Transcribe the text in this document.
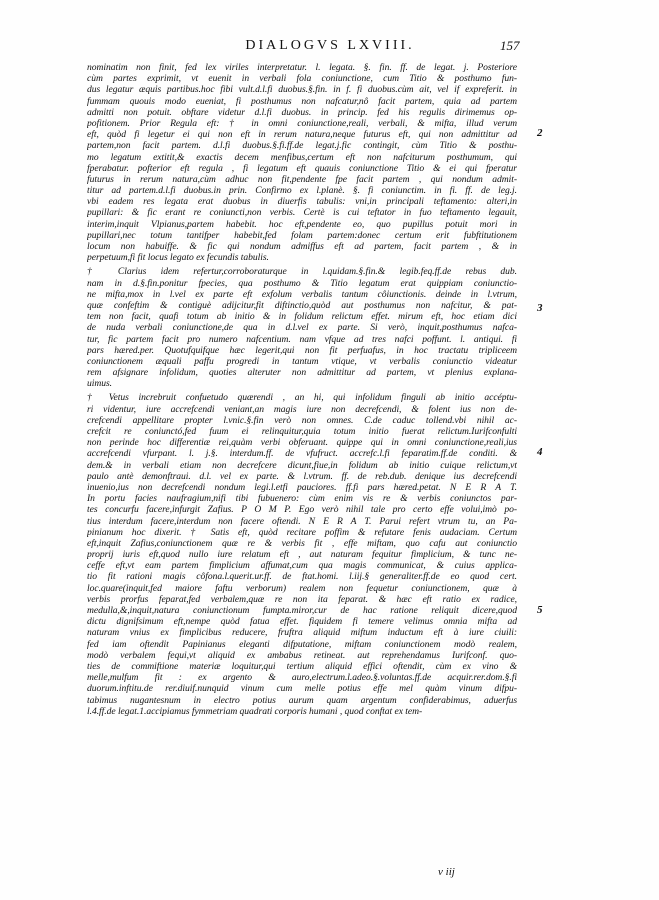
DIALOGVS LXVIII.	157
nominatim non finit, fed lex viriles interpretatur. l. legata. §. fin. ff. de legat. j. Posteriore
cùm partes exprimit, vt euenit in verbali fola coniunctione, cum Titio & posthumo fun-
dus legatur æquis partibus.hoc fibi vult.d.l.fi duobus.§.fin. in f. fi duobus.cùm ait, vel if expreferit. in
fummam quouis modo eueniat, fi posthumus non nafcatur,nô facit partem, quia ad partem
admitti non potuit. obftare videtur d.l.fi duobus. in princip. fed his regulis dirimemus op-
pofitionem. Prior Regula eft: † in omni coniunctione,reali, verbali, & mifta, illud verum
eft, quòd fi legetur ei qui non eft in rerum natura,neque futurus eft, qui non admittitur ad
partem,non facit partem. d.l.fi duobus.§.fi.ff.de legat.j.fic contingit, cùm Titio & posthu-
mo legatum extitit,& exactis decem menfibus,certum eft non nafciturum posthumum, qui
fperabatur. pofterior eft regula , fi legatum eft quauis coniunctione Titio & ei qui fperatur
futurus in rerum natura,cùm adhuc non fit,pendente fpe facit partem , qui nondum admit-
titur ad partem.d.l.fi duobus.in prin. Confirmo ex l.planè. §. fi coniunctim. in fi. ff. de leg.j.
vbi eadem res legata erat duobus in diuerfis tabulis: vni,in principali teftamento: alteri,in
pupillari: & fic erant re coniuncti,non verbis. Certè is cui teftator in fuo teftamento legauit,
interim,inquit Vlpianus,partem habebit. hoc eft,pendente eo, quo pupillus potuit mori in
pupillari,nec totum tantifper habebit,fed folam partem:donec certum erit fubftitutionem
locum non habuiffe. & fic qui nondum admiffus eft ad partem, facit partem , & in
perpetuum,fi fit locus legato ex fecundis tabulis.
† Clarius idem refertur,corroboraturque in l.quidam.§.fin.& legib.feq.ff.de rebus dub.
nam in d.§.fin.ponitur fpecies, qua posthumo & Titio legatum erat quippiam coniunctio-
ne mifta,mox in l.vel ex parte eft exfolum verbalis tantum côiunctionis. deinde in l.vtrum,
quæ confeftim & contiguè adijcitur,fit diftinctio,quòd aut posthumus non nafcitur, & pat-
tem non facit, quafi totum ab initio & in folidum relictum effet. mirum eft, hoc etiam dici
de nuda verbali coniunctione,de qua in d.l.vel ex parte. Si verò, inquit,posthumus nafca-
tur, fic partem facit pro numero nafcentium. nam vfque ad tres nafci poffunt. l. antiqui. fi
pars hæred.per. Quotufquifque hæc legerit,qui non fit perfuafus, in hoc tractatu tripliceem
coniunctionem æquali paffu progredi in tantum vtique, vt verbalis coniunctio videatur
rem afsignare infolidum, quoties alteruter non admittitur ad partem, vt plenius explana-
uimus.
† Vetus increbruit confuetudo quærendi , an hi, qui infolidum finguli ab initio accéptu-
ri videntur, iure accrefcendi veniant,an magis iure non decrefcendi, & folent ius non de-
crefcendi appellitare propter l.vnic.§.fin verò non omnes. C.de caduc tollend.vbi nihil ac-
crefcit re coniunctó,fed fuum ei relinquitur,quia totum initio fuerat relictum.Iurifconfulti
non perinde hoc differentiæ rei,quàm verbi obferuant. quippe qui in omni coniunctione,reali,ius
accrefcendi vfurpant. l. j.§. interdum.ff. de vfufruct. accrefc.l.fi feparatim.ff.de conditi. &
dem.& in verbali etiam non decrefcere dicunt,fiue,in folidum ab initio cuique relictum,vt
paulo antè demonftraui. d.l. vel ex parte. & l.vtrum. ff. de reb.dub. denique ius decrefcendi
inuenio,ius non decrefcendi nondum legi.l.etfi pauciores. ff.fi pars hæred.petat. N E R A T.
In portu facies naufragium,nifi tibi fubuenero: cùm enim vis re & verbis coniunctos par-
tes concurfu facere,infurgit Zafius. P O M P. Ego verò nihil tale pro certo effe volui,imò po-
tius interdum facere,interdum non facere oftendi. N E R A T. Parui refert vtrum tu, an Pa-
pinianum hoc dixerit. † Satis eft, quòd recitare poffim & refutare fenis audaciam. Certum
eft,inquit Zafius,coniunctionem quæ re & verbis fit , effe miftam, quo cafu aut coniunctio
proprij iuris eft,quod nullo iure relatum eft , aut naturam fequitur fimplicium, & tunc ne-
ceffe eft,vt eam partem fimplicium affumat,cum qua magis communicat, & cuius applica-
tio fit rationi magis côfona.l.querit.ur.ff. de ftat.homi. l.iij.§ generaliter.ff.de eo quod cert.
loc.quare(inquit,fed maiore faftu verborum) realem non fequetur coniunctionem, quæ à
verbis prorfus feparat,fed verbalem,quæ re non ita feparat. & hæc eft ratio ex radice,
medulla,&,inquit,natura coniunctionum fumpta.miror,cur de hac ratione reliquit dicere,quod
dictu dignifsimum eft,nempe quòd fatua effet. fiquidem fi temere velimus omnia mifta ad
naturam vnius ex fimplicibus reducere, fruftra aliquid miftum inductum eft à iure ciuili:
fed iam oftendit Papinianus eleganti difputatione, miftam coniunctionem modò realem,
modò verbalem fequi,vt aliquid ex ambabus retineat. aut reprehendamus Iurifconf. quo-
ties de commiftione materiæ loquitur,qui tertium aliquid effici oftendit, cùm ex vino &
melle,mulfum fit : ex argento & auro,electrum.l.adeo.§.voluntas.ff.de acquir.rer.dom.§.fi
duorum.inftitu.de rer.diuif.nunquid vinum cum melle potius effe mel quàm vinum difpu-
tabimus nugantesnum in electro potius aurum quam argentum confiderabimus, aduerfus
l.4.ff.de legat.1.accipiamus fymmetriam quadrati corporis humani , quod conftat ex tem-
2
3
4
5
v iij
